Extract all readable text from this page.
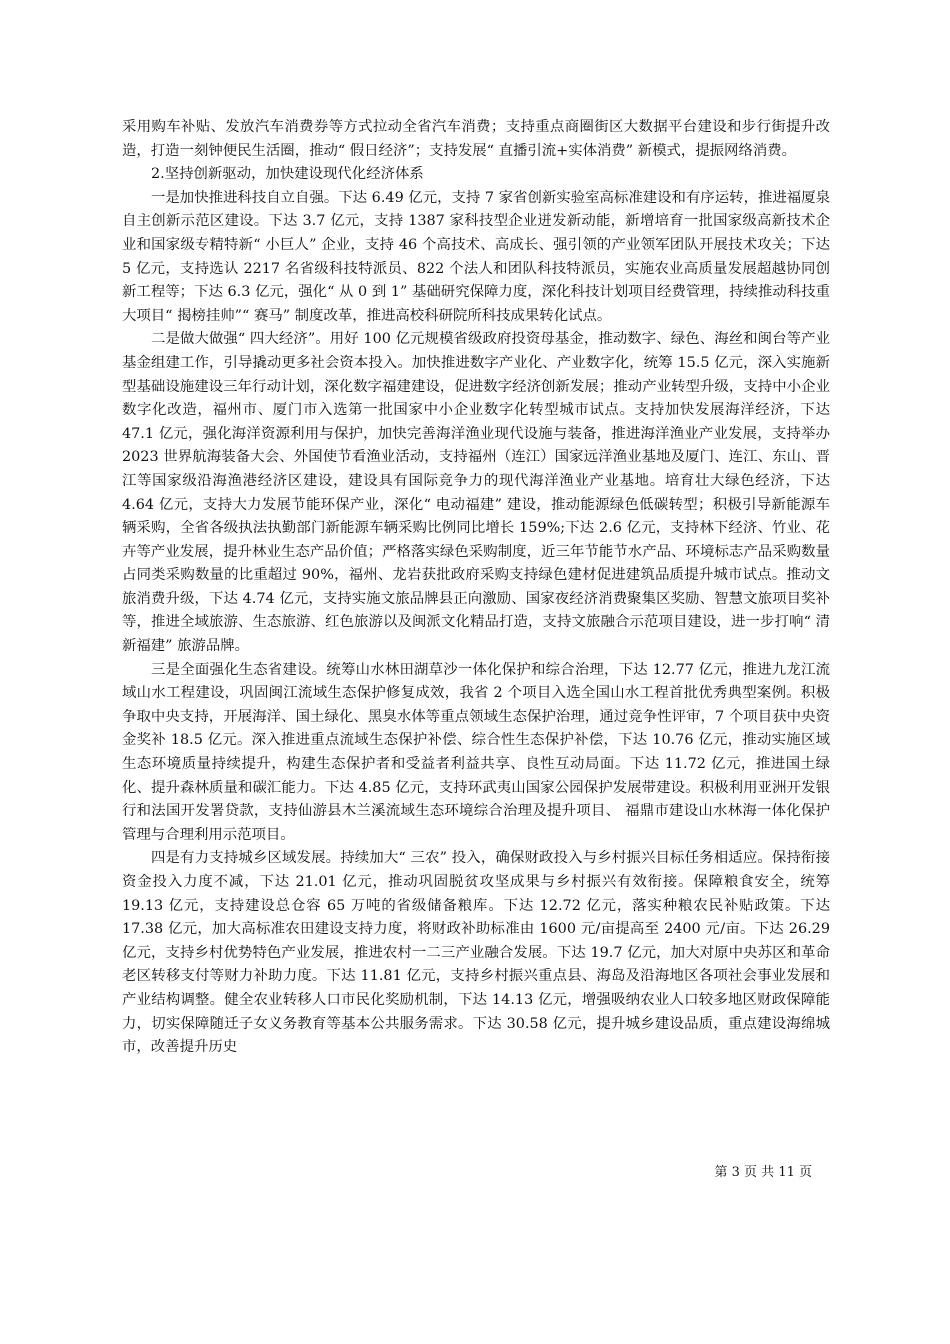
采用购车补贴、发放汽车消费券等方式拉动全省汽车消费；支持重点商圈街区大数据平台建设和步行街提升改造，打造一刻钟便民生活圈，推动“ 假日经济”；支持发展“ 直播引流+实体消费” 新模式，提振网络消费。

2.坚持创新驱动，加快建设现代化经济体系

一是加快推进科技自立自强。下达 6.49 亿元，支持 7 家省创新实验室高标准建设和有序运转，推进福厦泉自主创新示范区建设。下达 3.7 亿元，支持 1387 家科技型企业迸发新动能，新增培育一批国家级高新技术企业和国家级专精特新“ 小巨人” 企业，支持 46 个高技术、高成长、强引领的产业领军团队开展技术攻关；下达 5 亿元，支持选认 2217 名省级科技特派员、822 个法人和团队科技特派员，实施农业高质量发展超越协同创新工程等；下达 6.3 亿元，强化“ 从 0 到 1” 基础研究保障力度，深化科技计划项目经费管理，持续推动科技重大项目“ 揭榜挂帅”“ 赛马” 制度改革，推进高校科研院所科技成果转化试点。

二是做大做强“ 四大经济”。用好 100 亿元规模省级政府投资母基金，推动数字、绿色、海丝和闽台等产业基金组建工作，引导撬动更多社会资本投入。加快推进数字产业化、产业数字化，统筹 15.5 亿元，深入实施新型基础设施建设三年行动计划，深化数字福建建设，促进数字经济创新发展；推动产业转型升级，支持中小企业数字化改造，福州市、厦门市入选第一批国家中小企业数字化转型城市试点。支持加快发展海洋经济，下达 47.1 亿元，强化海洋资源利用与保护，加快完善海洋渔业现代设施与装备，推进海洋渔业产业发展，支持举办 2023 世界航海装备大会、外国使节看渔业活动，支持福州（连江）国家远洋渔业基地及厦门、连江、东山、晋江等国家级沿海渔港经济区建设，建设具有国际竞争力的现代海洋渔业产业基地。培育壮大绿色经济，下达 4.64 亿元，支持大力发展节能环保产业，深化“ 电动福建” 建设，推动能源绿色低碳转型；积极引导新能源车辆采购，全省各级执法执勤部门新能源车辆采购比例同比增长 159%;下达 2.6 亿元，支持林下经济、竹业、花卉等产业发展，提升林业生态产品价值；严格落实绿色采购制度，近三年节能节水产品、环境标志产品采购数量占同类采购数量的比重超过 90%，福州、龙岩获批政府采购支持绿色建材促进建筑品质提升城市试点。推动文旅消费升级，下达 4.74 亿元，支持实施文旅品牌县正向激励、国家夜经济消费聚集区奖励、智慧文旅项目奖补等，推进全域旅游、生态旅游、红色旅游以及闽派文化精品打造，支持文旅融合示范项目建设，进一步打响“ 清新福建” 旅游品牌。

三是全面强化生态省建设。统筹山水林田湖草沙一体化保护和综合治理，下达 12.77 亿元，推进九龙江流域山水工程建设，巩固闽江流域生态保护修复成效，我省 2 个项目入选全国山水工程首批优秀典型案例。积极争取中央支持，开展海洋、国土绿化、黑臭水体等重点领域生态保护治理，通过竞争性评审，7 个项目获中央资金奖补 18.5 亿元。深入推进重点流域生态保护补偿、综合性生态保护补偿，下达 10.76 亿元，推动实施区域生态环境质量持续提升，构建生态保护者和受益者利益共享、良性互动局面。下达 11.72 亿元，推进国土绿化、提升森林质量和碳汇能力。下达 4.85 亿元，支持环武夷山国家公园保护发展带建设。积极利用亚洲开发银行和法国开发署贷款，支持仙游县木兰溪流域生态环境综合治理及提升项目、 福鼎市建设山水林海一体化保护管理与合理利用示范项目。

四是有力支持城乡区域发展。持续加大“ 三农” 投入，确保财政投入与乡村振兴目标任务相适应。保持衔接资金投入力度不减，下达 21.01 亿元，推动巩固脱贫攻坚成果与乡村振兴有效衔接。保障粮食安全，统筹 19.13 亿元，支持建设总仓容 65 万吨的省级储备粮库。下达 12.72 亿元，落实种粮农民补贴政策。下达 17.38 亿元，加大高标准农田建设支持力度，将财政补助标准由 1600 元/亩提高至 2400 元/亩。下达 26.29 亿元，支持乡村优势特色产业发展，推进农村一二三产业融合发展。下达 19.7 亿元，加大对原中央苏区和革命老区转移支付等财力补助力度。下达 11.81 亿元，支持乡村振兴重点县、海岛及沿海地区各项社会事业发展和产业结构调整。健全农业转移人口市民化奖励机制，下达 14.13 亿元，增强吸纳农业人口较多地区财政保障能力，切实保障随迁子女义务教育等基本公共服务需求。下达 30.58 亿元，提升城乡建设品质，重点建设海绵城市，改善提升历史

第 3 页 共 11 页
